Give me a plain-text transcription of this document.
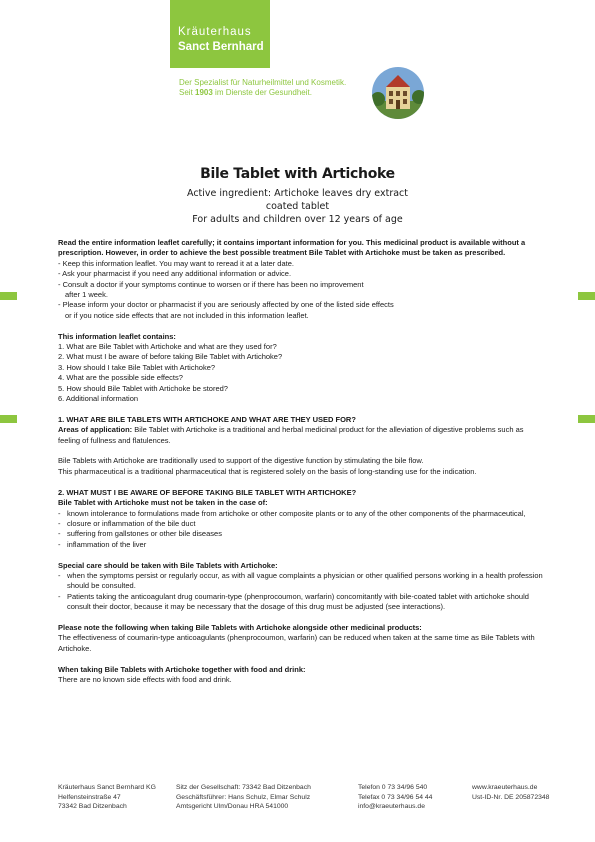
Kräuterhaus
Sanct Bernhard
Der Spezialist für Naturheilmittel und Kosmetik.
Seit 1903 im Dienste der Gesundheit.
Bile Tablet with Artichoke
Active ingredient: Artichoke leaves dry extract
coated tablet
For adults and children over 12 years of age

Read the entire information leaflet carefully; it contains important information for you. This medicinal product is available without a prescription. However, in order to achieve the best possible treatment Bile Tablet with Artichoke must be taken as prescribed.

- Keep this information leaflet. You may want to reread it at a later date.

- Ask your pharmacist if you need any additional information or advice.

- Consult a doctor if your symptoms continue to worsen or if there has been no improvement

after 1 week.

- Please inform your doctor or pharmacist if you are seriously affected by one of the listed side effects

or if you notice side effects that are not included in this information leaflet.

This information leaflet contains:

1. What are Bile Tablet with Artichoke and what are they used for?

2. What must I be aware of before taking Bile Tablet with Artichoke?

3. How should I take Bile Tablet with Artichoke?

4. What are the possible side effects?

5. How should Bile Tablet with Artichoke be stored?

6. Additional information

1. WHAT ARE BILE TABLETS WITH ARTICHOKE AND WHAT ARE THEY USED FOR?

Areas of application: Bile Tablet with Artichoke is a traditional and herbal medicinal product for the alleviation of digestive problems such as feeling of fullness and flatulences.

Bile Tablets with Artichoke are traditionally used to support of the digestive function by stimulating the bile flow.

This pharmaceutical is a traditional pharmaceutical that is registered solely on the basis of long-standing use for the indication.

2. WHAT MUST I BE AWARE OF BEFORE TAKING BILE TABLET WITH ARTICHOKE?

Bile Tablet with Artichoke must not be taken in the case of:

- known intolerance to formulations made from artichoke or other composite plants or to any of the other components of the pharmaceutical,
- closure or inflammation of the bile duct
- suffering from gallstones or other bile diseases
- inflammation of the liver

Special care should be taken with Bile Tablets with Artichoke:

- when the symptoms persist or regularly occur, as with all vague complaints a physician or other qualified persons working in a health profession should be consulted.
- Patients taking the anticoagulant drug coumarin-type (phenprocoumon, warfarin) concomitantly with bile-coated tablet with artichoke should consult their doctor, because it may be necessary that the dosage of this drug must be adjusted (see interactions).

Please note the following when taking Bile Tablets with Artichoke alongside other medicinal products:

The effectiveness of coumarin-type anticoagulants (phenprocoumon, warfarin) can be reduced when taken at the same time as Bile Tablets with Artichoke.

When taking Bile Tablets with Artichoke together with food and drink:

There are no known side effects with food and drink.

Kräuterhaus Sanct Bernhard KG
Helfensteinstraße 47
73342 Bad Ditzenbach
Sitz der Gesellschaft: 73342 Bad Ditzenbach
Geschäftsführer: Hans Schulz, Elmar Schulz
Amtsgericht Ulm/Donau HRA 541000
Telefon 0 73 34/96 540
Telefax 0 73 34/96 54 44
info@kraeuterhaus.de
www.kraeuterhaus.de
Ust-ID-Nr. DE 205872348
